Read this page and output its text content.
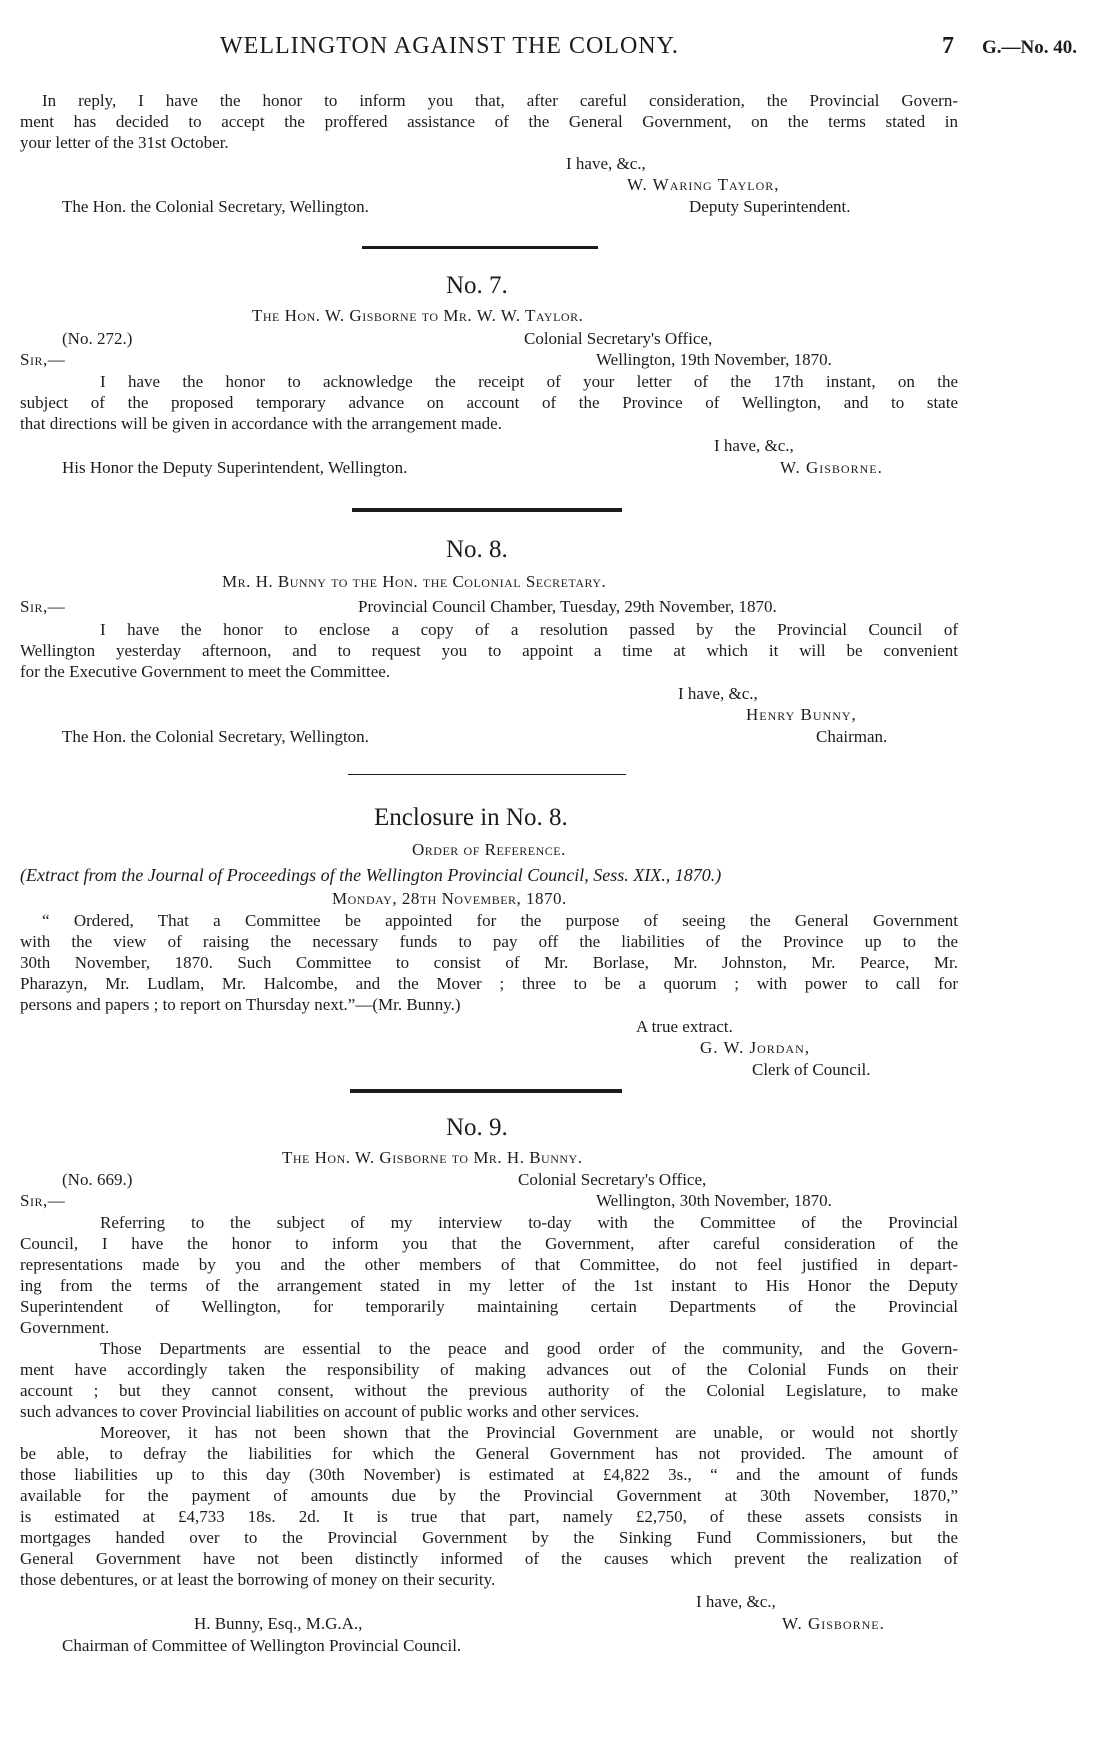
WELLINGTON AGAINST THE COLONY.	7 G.—No. 40.
In reply, I have the honor to inform you that, after careful consideration, the Provincial Govern-
ment has decided to accept the proffered assistance of the General Government, on the terms stated in
your letter of the 31st October.
I have, &c.,
W. Waring Taylor,
The Hon. the Colonial Secretary, Wellington.	Deputy Superintendent.
No. 7.
The Hon. W. Gisborne to Mr. W. W. Taylor.
(No. 272.)	Colonial Secretary's Office,
Sir,—	Wellington, 19th November, 1870.
I have the honor to acknowledge the receipt of your letter of the 17th instant, on the
subject of the proposed temporary advance on account of the Province of Wellington, and to state
that directions will be given in accordance with the arrangement made.
I have, &c.,
His Honor the Deputy Superintendent, Wellington.	W. Gisborne.
No. 8.
Mr. H. Bunny to the Hon. the Colonial Secretary.
Sir,—	Provincial Council Chamber, Tuesday, 29th November, 1870.
I have the honor to enclose a copy of a resolution passed by the Provincial Council of
Wellington yesterday afternoon, and to request you to appoint a time at which it will be convenient
for the Executive Government to meet the Committee.
I have, &c.,
Henry Bunny,
The Hon. the Colonial Secretary, Wellington.	Chairman.
Enclosure in No. 8.
Order of Reference.
(Extract from the Journal of Proceedings of the Wellington Provincial Council, Sess. XIX., 1870.)
Monday, 28th November, 1870.
“ Ordered, That a Committee be appointed for the purpose of seeing the General Government
with the view of raising the necessary funds to pay off the liabilities of the Province up to the
30th November, 1870. Such Committee to consist of Mr. Borlase, Mr. Johnston, Mr. Pearce, Mr.
Pharazyn, Mr. Ludlam, Mr. Halcombe, and the Mover ; three to be a quorum ; with power to call for
persons and papers ; to report on Thursday next.”—(Mr. Bunny.)
A true extract.
G. W. Jordan,
Clerk of Council.
No. 9.
The Hon. W. Gisborne to Mr. H. Bunny.
(No. 669.)	Colonial Secretary's Office,
Sir,—	Wellington, 30th November, 1870.
Referring to the subject of my interview to-day with the Committee of the Provincial
Council, I have the honor to inform you that the Government, after careful consideration of the
representations made by you and the other members of that Committee, do not feel justified in depart-
ing from the terms of the arrangement stated in my letter of the 1st instant to His Honor the Deputy
Superintendent of Wellington, for temporarily maintaining certain Departments of the Provincial
Government.
Those Departments are essential to the peace and good order of the community, and the Govern-
ment have accordingly taken the responsibility of making advances out of the Colonial Funds on their
account ; but they cannot consent, without the previous authority of the Colonial Legislature, to make
such advances to cover Provincial liabilities on account of public works and other services.
Moreover, it has not been shown that the Provincial Government are unable, or would not shortly
be able, to defray the liabilities for which the General Government has not provided. The amount of
those liabilities up to this day (30th November) is estimated at £4,822 3s., “ and the amount of funds
available for the payment of amounts due by the Provincial Government at 30th November, 1870,”
is estimated at £4,733 18s. 2d. It is true that part, namely £2,750, of these assets consists in
mortgages handed over to the Provincial Government by the Sinking Fund Commissioners, but the
General Government have not been distinctly informed of the causes which prevent the realization of
those debentures, or at least the borrowing of money on their security.
I have, &c.,
H. Bunny, Esq., M.G.A.,	W. Gisborne.
Chairman of Committee of Wellington Provincial Council.
